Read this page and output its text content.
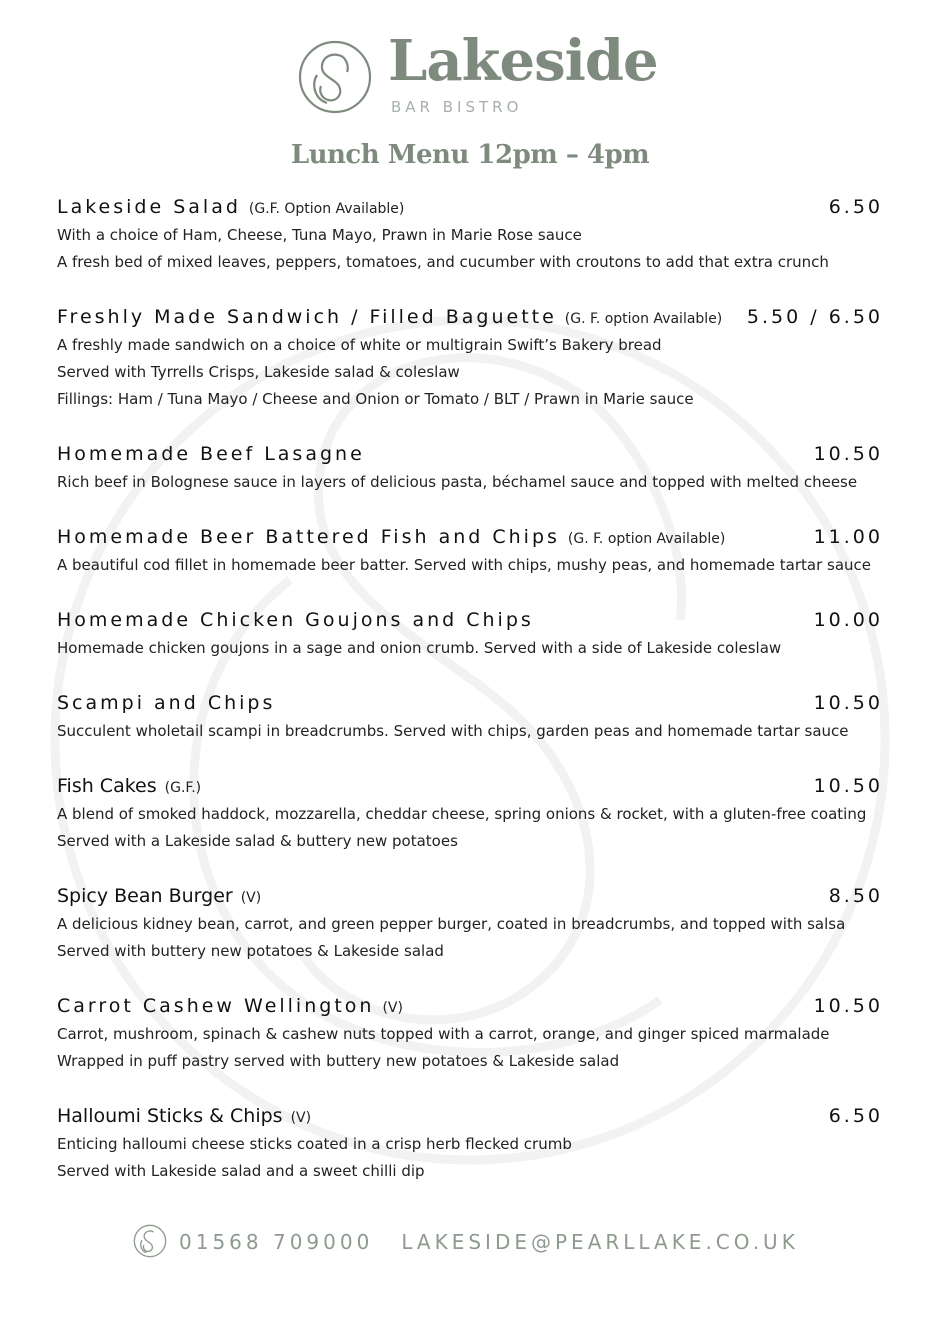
Lakeside
BAR BISTRO
Lunch Menu 12pm – 4pm
Lakeside Salad (G.F. Option Available)	6.50
With a choice of Ham, Cheese, Tuna Mayo, Prawn in Marie Rose sauce
A fresh bed of mixed leaves, peppers, tomatoes, and cucumber with croutons to add that extra crunch
Freshly Made Sandwich / Filled Baguette (G. F. option Available) 5.50 / 6.50
A freshly made sandwich on a choice of white or multigrain Swift’s Bakery bread
Served with Tyrrells Crisps, Lakeside salad & coleslaw
Fillings: Ham / Tuna Mayo / Cheese and Onion or Tomato / BLT / Prawn in Marie sauce
Homemade Beef Lasagne	10.50
Rich beef in Bolognese sauce in layers of delicious pasta, béchamel sauce and topped with melted cheese
Homemade Beer Battered Fish and Chips (G. F. option Available)	11.00
A beautiful cod fillet in homemade beer batter. Served with chips, mushy peas, and homemade tartar sauce
Homemade Chicken Goujons and Chips	10.00
Homemade chicken goujons in a sage and onion crumb. Served with a side of Lakeside coleslaw
Scampi and Chips	10.50
Succulent wholetail scampi in breadcrumbs. Served with chips, garden peas and homemade tartar sauce
Fish Cakes (G.F.)	10.50
A blend of smoked haddock, mozzarella, cheddar cheese, spring onions & rocket, with a gluten-free coating
Served with a Lakeside salad & buttery new potatoes
Spicy Bean Burger (V)	8.50
A delicious kidney bean, carrot, and green pepper burger, coated in breadcrumbs, and topped with salsa
Served with buttery new potatoes & Lakeside salad
Carrot Cashew Wellington (V)	10.50
Carrot, mushroom, spinach & cashew nuts topped with a carrot, orange, and ginger spiced marmalade
Wrapped in puff pastry served with buttery new potatoes & Lakeside salad
Halloumi Sticks & Chips (V)	6.50
Enticing halloumi cheese sticks coated in a crisp herb flecked crumb
Served with Lakeside salad and a sweet chilli dip
01568 709000 LAKESIDE@PEARLLAKE.CO.UK
